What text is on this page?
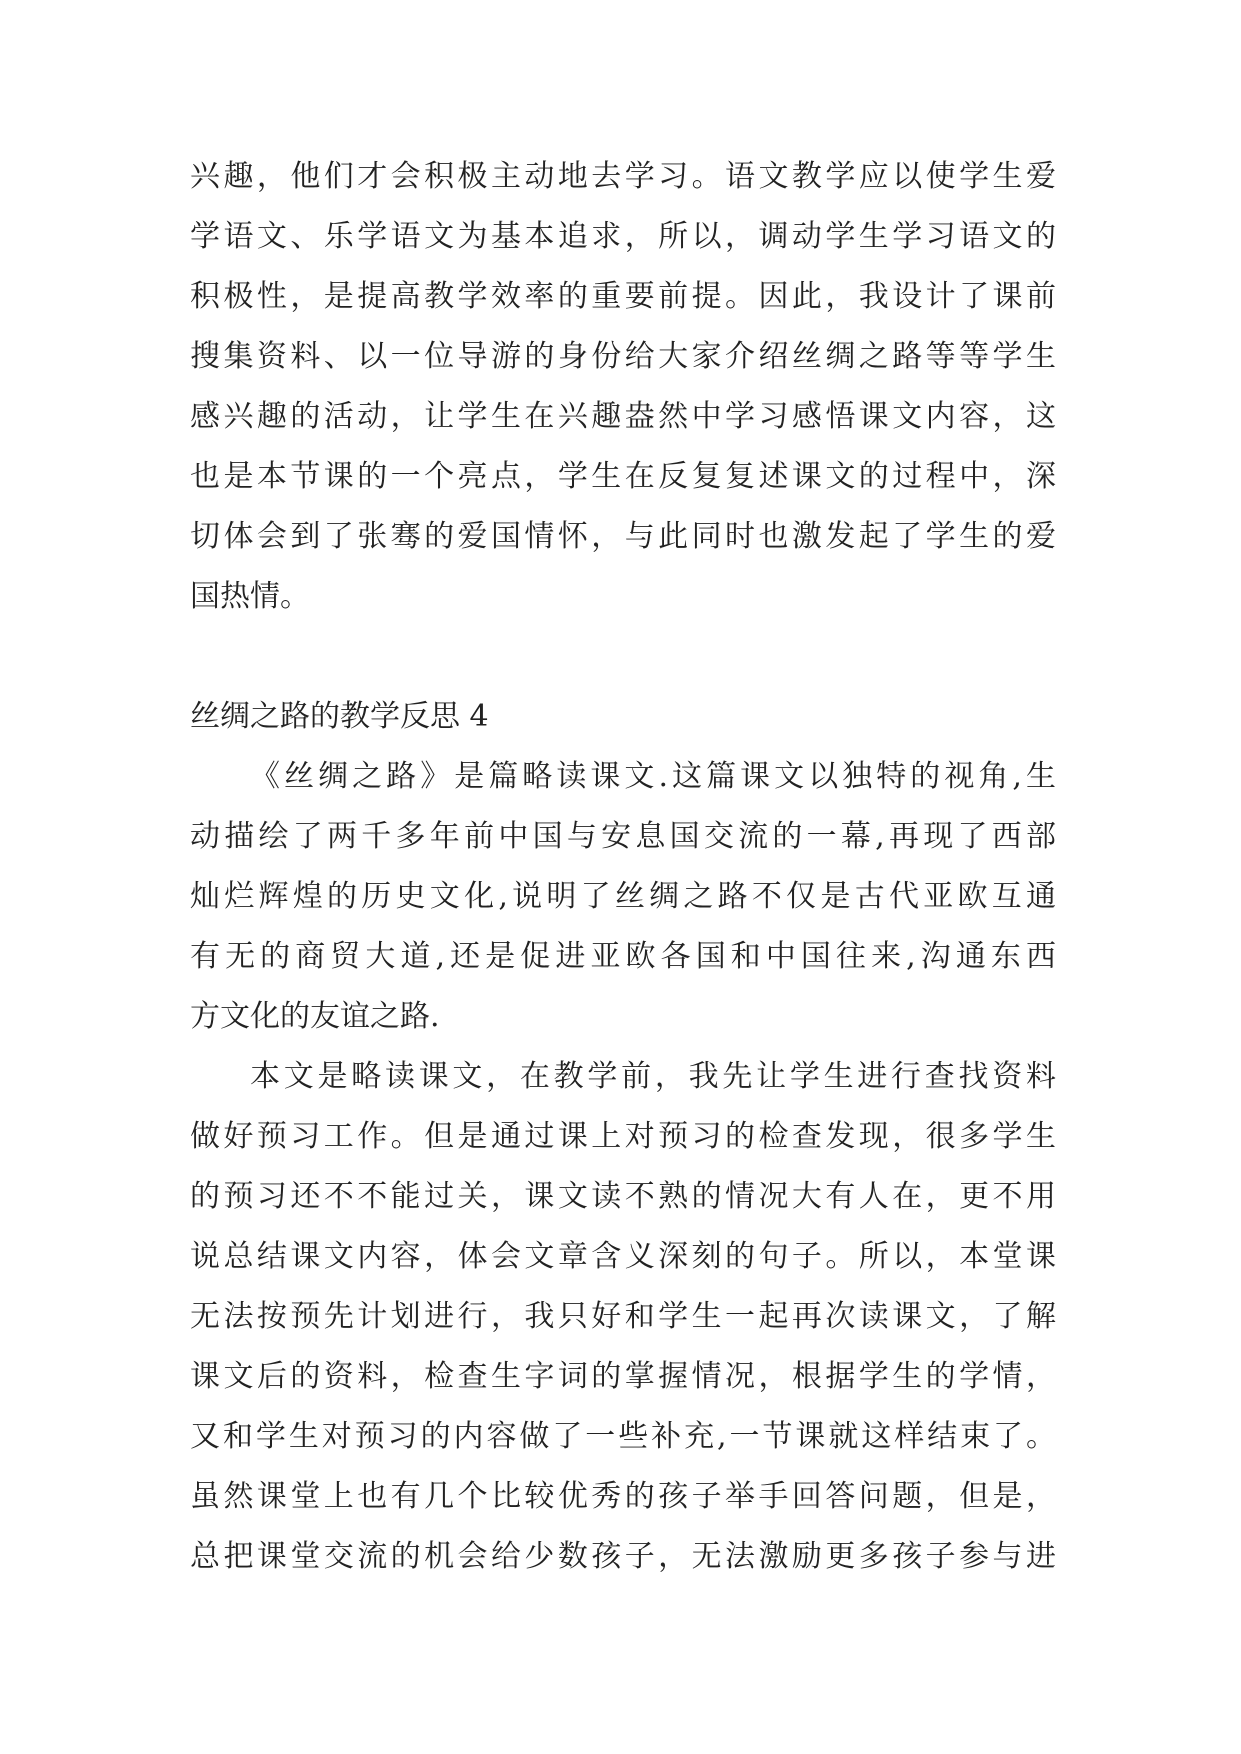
兴趣，他们才会积极主动地去学习。语文教学应以使学生爱
学语文、乐学语文为基本追求，所以，调动学生学习语文的
积极性，是提高教学效率的重要前提。因此，我设计了课前
搜集资料、以一位导游的身份给大家介绍丝绸之路等等学生
感兴趣的活动，让学生在兴趣盎然中学习感悟课文内容，这
也是本节课的一个亮点，学生在反复复述课文的过程中，深
切体会到了张骞的爱国情怀，与此同时也激发起了学生的爱
国热情。
丝绸之路的教学反思 4
《丝绸之路》是篇略读课文.这篇课文以独特的视角,生
动描绘了两千多年前中国与安息国交流的一幕,再现了西部
灿烂辉煌的历史文化,说明了丝绸之路不仅是古代亚欧互通
有无的商贸大道,还是促进亚欧各国和中国往来,沟通东西
方文化的友谊之路.
本文是略读课文，在教学前，我先让学生进行查找资料
做好预习工作。但是通过课上对预习的检查发现，很多学生
的预习还不不能过关，课文读不熟的情况大有人在，更不用
说总结课文内容，体会文章含义深刻的句子。所以，本堂课
无法按预先计划进行，我只好和学生一起再次读课文，了解
课文后的资料，检查生字词的掌握情况，根据学生的学情，
又和学生对预习的内容做了一些补充,一节课就这样结束了。
虽然课堂上也有几个比较优秀的孩子举手回答问题，但是，
总把课堂交流的机会给少数孩子，无法激励更多孩子参与进
